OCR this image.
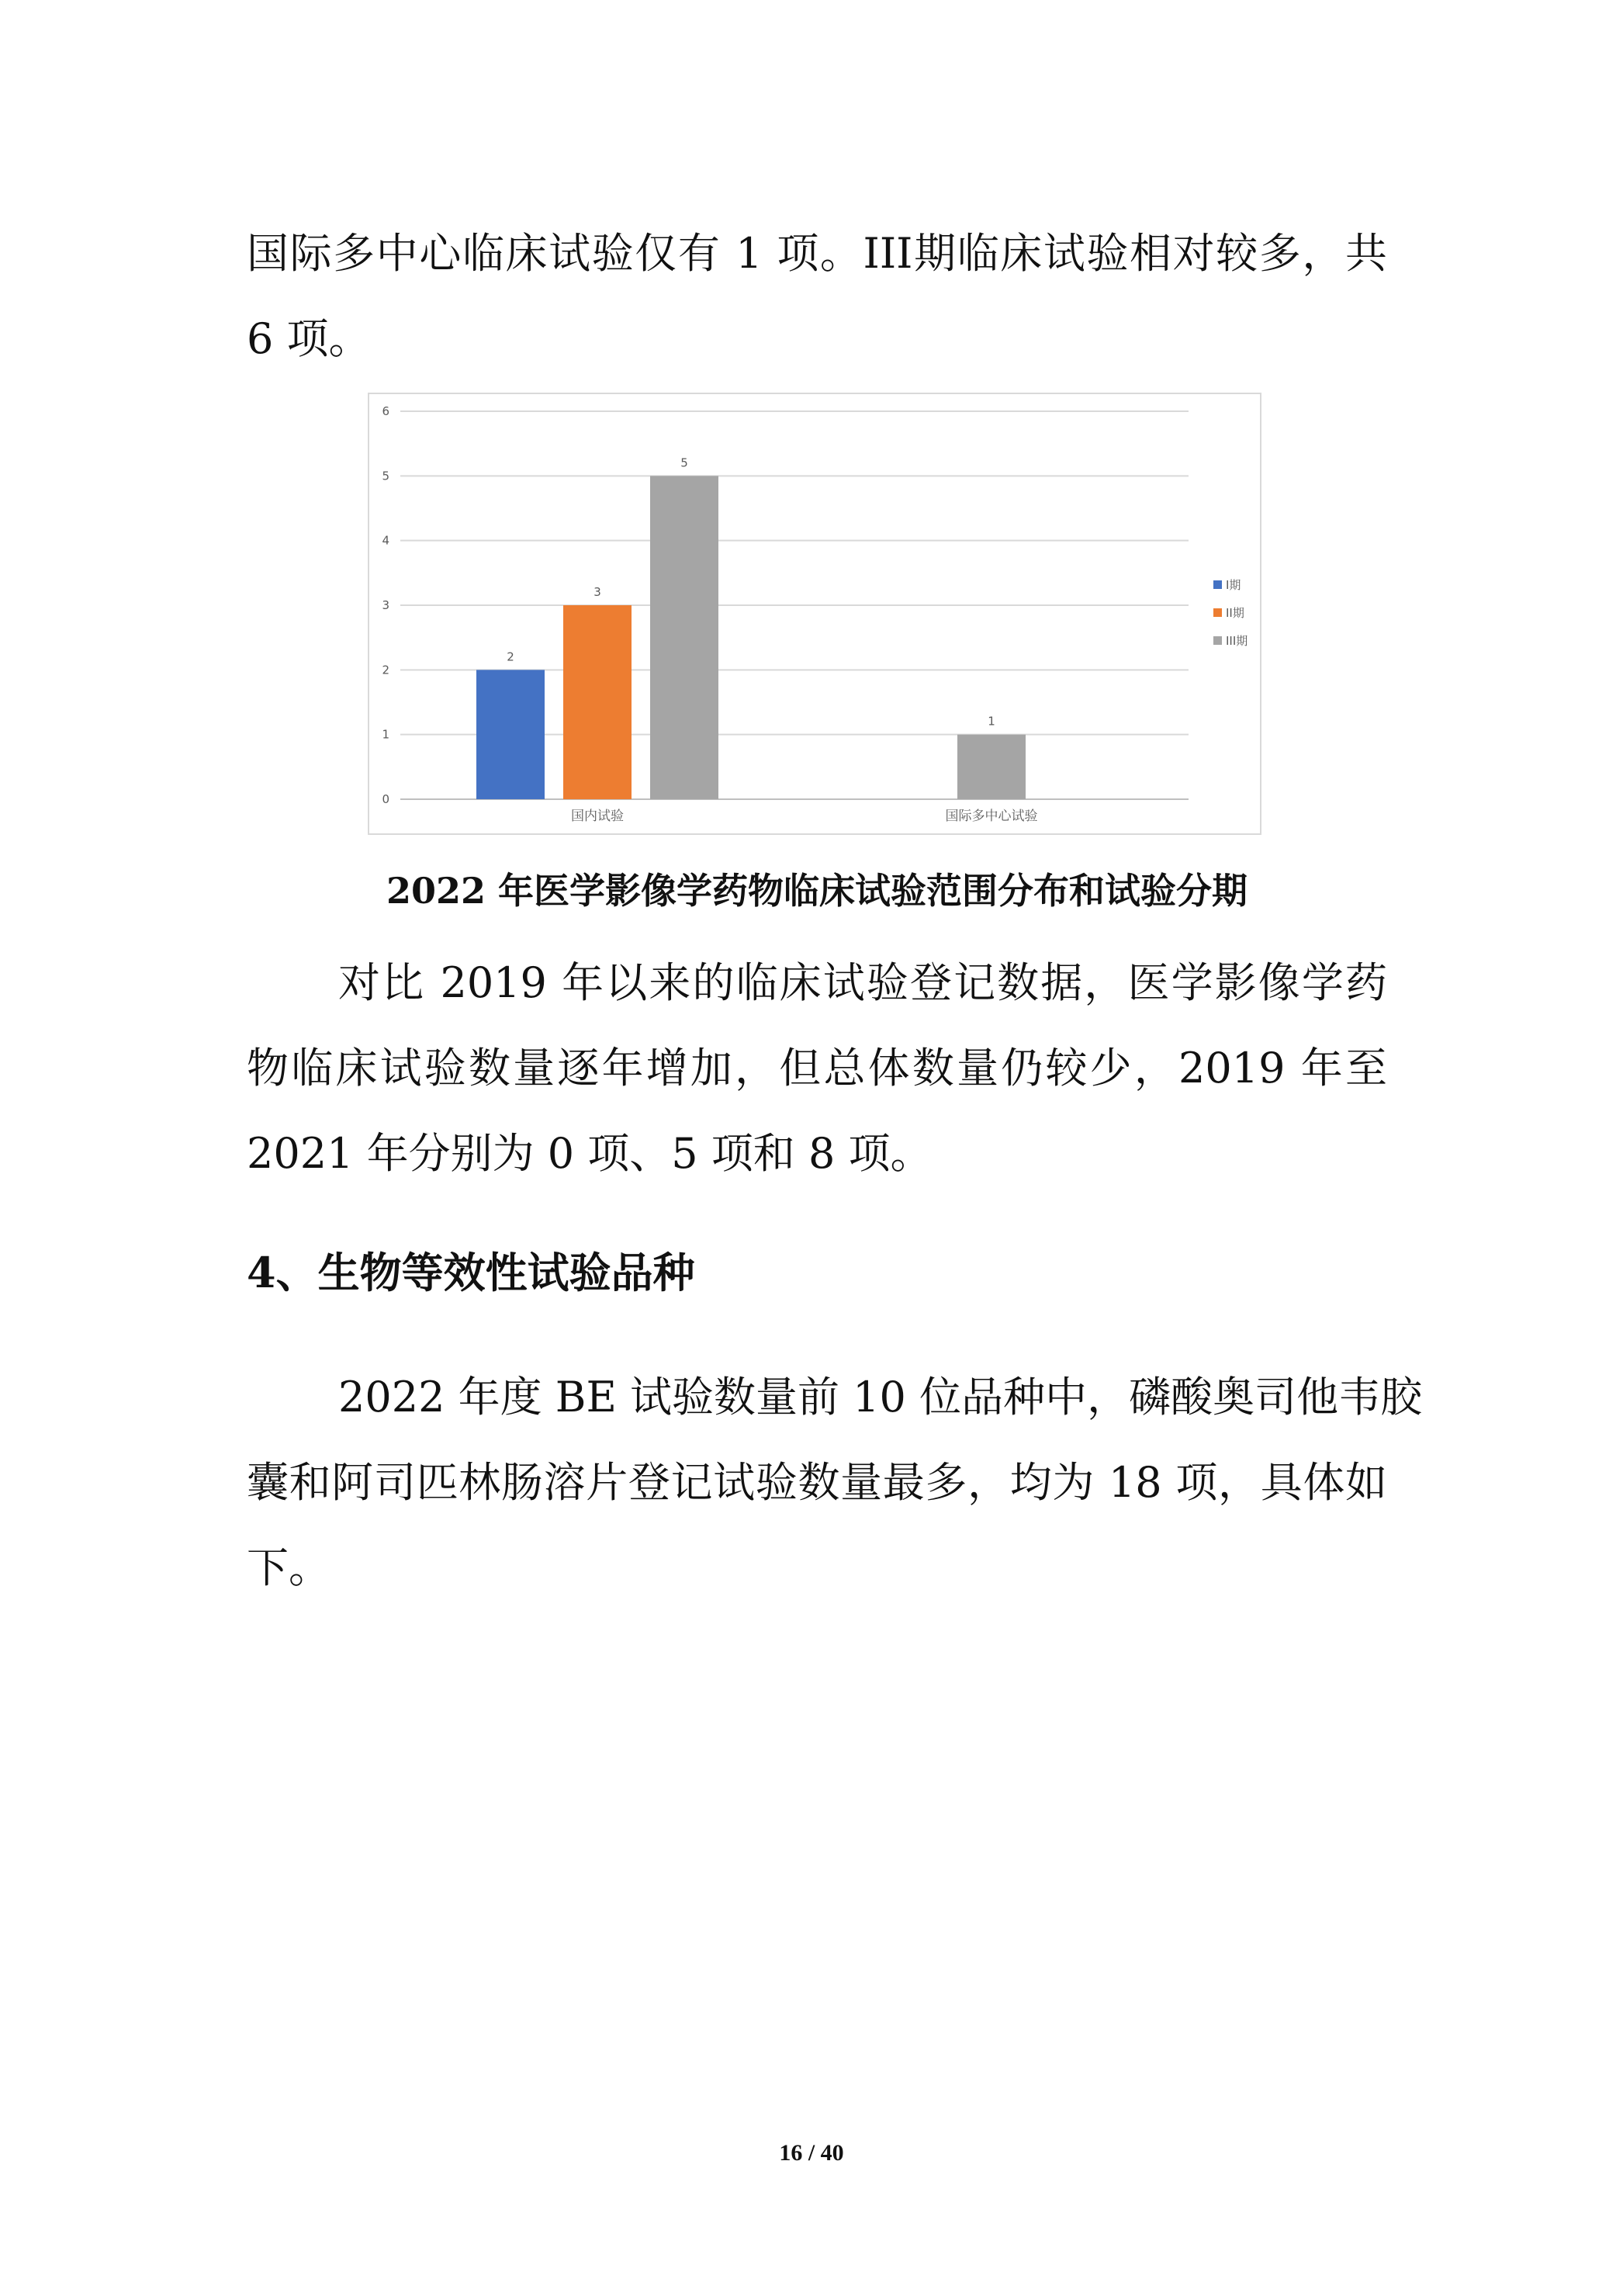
国际多中心临床试验仅有 1 项。III期临床试验相对较多，共
6 项。

0
1
2
3
4
5
6
2
3
5
国内试验
1
国际多中心试验
I期
II期
III期

2022 年医学影像学药物临床试验范围分布和试验分期

对比 2019 年以来的临床试验登记数据，医学影像学药
物临床试验数量逐年增加，但总体数量仍较少，2019 年至
2021 年分别为 0 项、5 项和 8 项。

4、生物等效性试验品种

2022 年度 BE 试验数量前 10 位品种中，磷酸奥司他韦胶
囊和阿司匹林肠溶片登记试验数量最多，均为 18 项，具体如
下。

16 / 40
